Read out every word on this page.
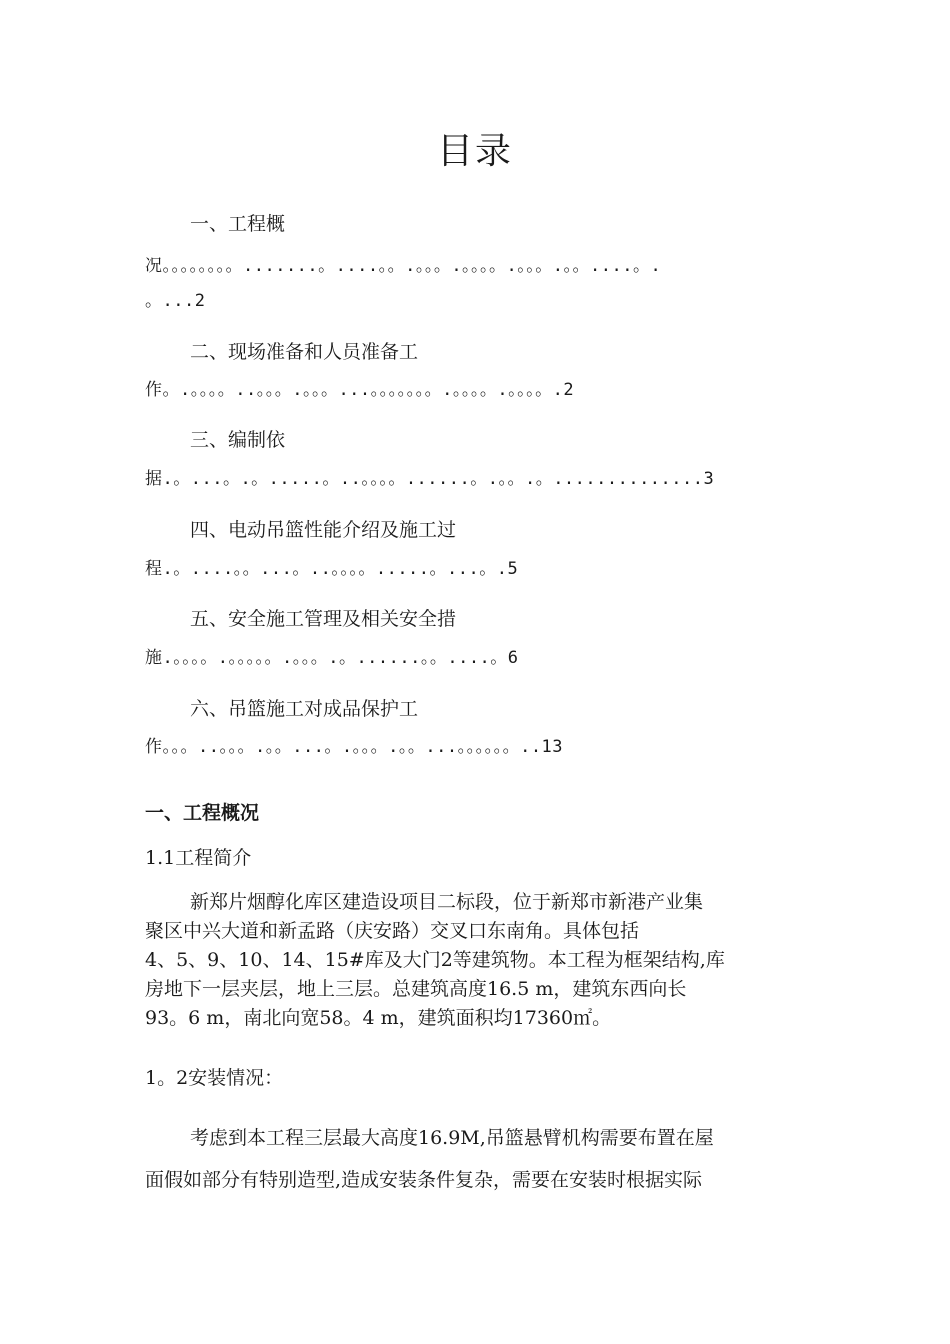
目录
一、工程概
况。。。。。。。。.......。....。。.。。。.。。。。.。。。.。。....。.
。...2
二、现场准备和人员准备工
作。.。。。。..。。。.。。。...。。。。。。。.。。。。.。。。。.2
三、编制依
据.。...。.。.....。..。。。。......。.。。.。..............3
四、电动吊篮性能介绍及施工过
程.。....。。...。..。。。。.....。...。.5
五、安全施工管理及相关安全措
施.。。。。.。。。。。.。。。.。......。。....。6
六、吊篮施工对成品保护工
作。。。..。。。.。。...。.。。。.。。...。。。。。。..13
一、工程概况
1.1工程简介
新郑片烟醇化库区建造设项目二标段，位于新郑市新港产业集
聚区中兴大道和新孟路（庆安路）交叉口东南角。具体包括
4、5、9、10、14、15#库及大门2等建筑物。本工程为框架结构,库
房地下一层夹层，地上三层。总建筑高度16.5 m，建筑东西向长
93。6 m，南北向宽58。4 m，建筑面积均17360㎡。
1。2安装情况：
考虑到本工程三层最大高度16.9M,吊篮悬臂机构需要布置在屋
面假如部分有特别造型,造成安装条件复杂，需要在安装时根据实际
